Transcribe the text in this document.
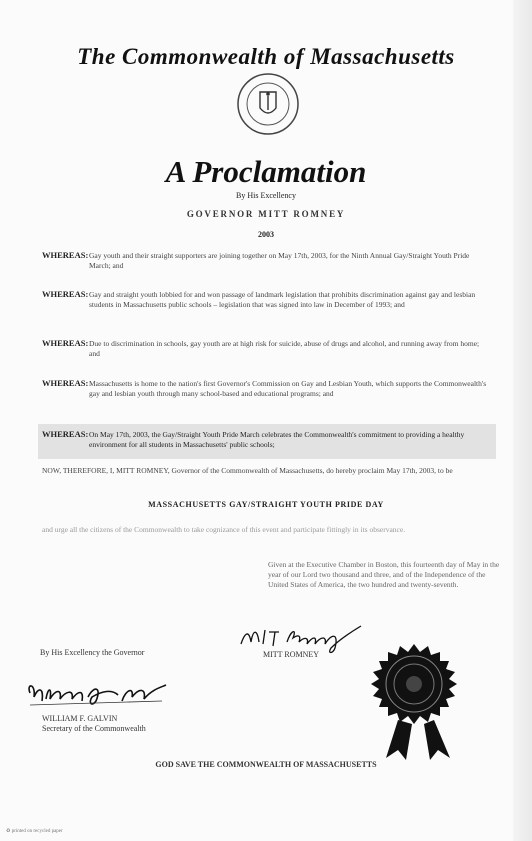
The Commonwealth of Massachusetts
A Proclamation
By His Excellency
GOVERNOR MITT ROMNEY
2003
WHEREAS: Gay youth and their straight supporters are joining together on May 17th, 2003, for the Ninth Annual Gay/Straight Youth Pride March; and
WHEREAS: Gay and straight youth lobbied for and won passage of landmark legislation that prohibits discrimination against gay and lesbian students in Massachusetts public schools – legislation that was signed into law in December of 1993; and
WHEREAS: Due to discrimination in schools, gay youth are at high risk for suicide, abuse of drugs and alcohol, and running away from home; and
WHEREAS: Massachusetts is home to the nation's first Governor's Commission on Gay and Lesbian Youth, which supports the Commonwealth's gay and lesbian youth through many school-based and educational programs; and
WHEREAS: On May 17th, 2003, the Gay/Straight Youth Pride March celebrates the Commonwealth's commitment to providing a healthy environment for all students in Massachusetts' public schools;
NOW, THEREFORE, I, MITT ROMNEY, Governor of the Commonwealth of Massachusetts, do hereby proclaim May 17th, 2003, to be
MASSACHUSETTS GAY/STRAIGHT YOUTH PRIDE DAY
and urge all the citizens of the Commonwealth to take cognizance of this event and participate fittingly in its observance.
Given at the Executive Chamber in Boston, this fourteenth day of May in the year of our Lord two thousand and three, and of the Independence of the United States of America, the two hundred and twenty-seventh.
By His Excellency the Governor	MITT ROMNEY
WILLIAM F. GALVIN
Secretary of the Commonwealth
GOD SAVE THE COMMONWEALTH OF MASSACHUSETTS
♻ printed on recycled paper
